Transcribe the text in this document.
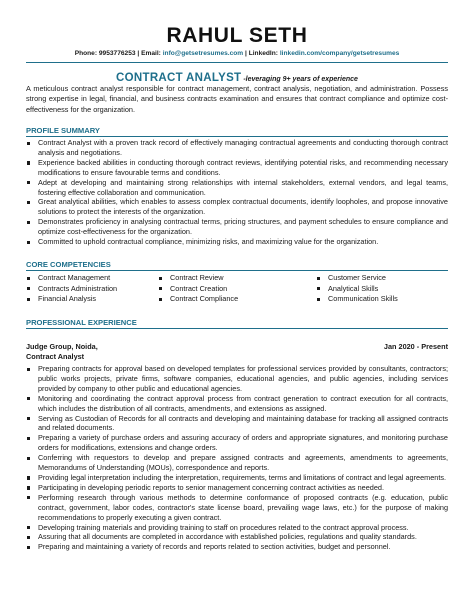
RAHUL SETH
Phone: 9953776253 | Email: info@getsetresumes.com | LinkedIn: linkedin.com/company/getsetresumes
CONTRACT ANALYST -leveraging 9+ years of experience
A meticulous contract analyst responsible for contract management, contract analysis, negotiation, and administration. Possess strong expertise in legal, financial, and business contracts examination and ensures that contract compliance and optimize cost-effectiveness for the organization.
PROFILE SUMMARY
Contract Analyst with a proven track record of effectively managing contractual agreements and conducting thorough contract analysis and negotiations.
Experience backed abilities in conducting thorough contract reviews, identifying potential risks, and recommending necessary modifications to ensure favourable terms and conditions.
Adept at developing and maintaining strong relationships with internal stakeholders, external vendors, and legal teams, fostering effective collaboration and communication.
Great analytical abilities, which enables to assess complex contractual documents, identify loopholes, and propose innovative solutions to protect the interests of the organization.
Demonstrates proficiency in analysing contractual terms, pricing structures, and payment schedules to ensure compliance and optimize cost-effectiveness for the organization.
Committed to uphold contractual compliance, minimizing risks, and maximizing value for the organization.
CORE COMPETENCIES
Contract Management
Contracts Administration
Financial Analysis
Contract Review
Contract Creation
Contract Compliance
Customer Service
Analytical Skills
Communication Skills
PROFESSIONAL EXPERIENCE
Judge Group, Noida,	Jan 2020 - Present
Contract Analyst
Preparing contracts for approval based on developed templates for professional services provided by consultants, contractors; public works projects, private firms, software companies, educational agencies, and public agencies, including services provided by company to other public and educational agencies.
Monitoring and coordinating the contract approval process from contract generation to contract execution for all contracts, which includes the distribution of all contracts, amendments, and extensions as assigned.
Serving as Custodian of Records for all contracts and developing and maintaining database for tracking all assigned contracts and related documents.
Preparing a variety of purchase orders and assuring accuracy of orders and appropriate signatures, and monitoring purchase orders for modifications, extensions and change orders.
Conferring with requestors to develop and prepare assigned contracts and agreements, amendments to agreements, Memorandums of Understanding (MOUs), correspondence and reports.
Providing legal interpretation including the interpretation, requirements, terms and limitations of contract and legal agreements.
Participating in developing periodic reports to senior management concerning contract activities as needed.
Performing research through various methods to determine conformance of proposed contracts (e.g. education, public contract, government, labor codes, contractor's state license board, prevailing wage laws, etc.) for the purpose of making recommendations to properly executing a given contract.
Developing training materials and providing training to staff on procedures related to the contract approval process.
Assuring that all documents are completed in accordance with established policies, regulations and quality standards.
Preparing and maintaining a variety of records and reports related to section activities, budget and personnel.
